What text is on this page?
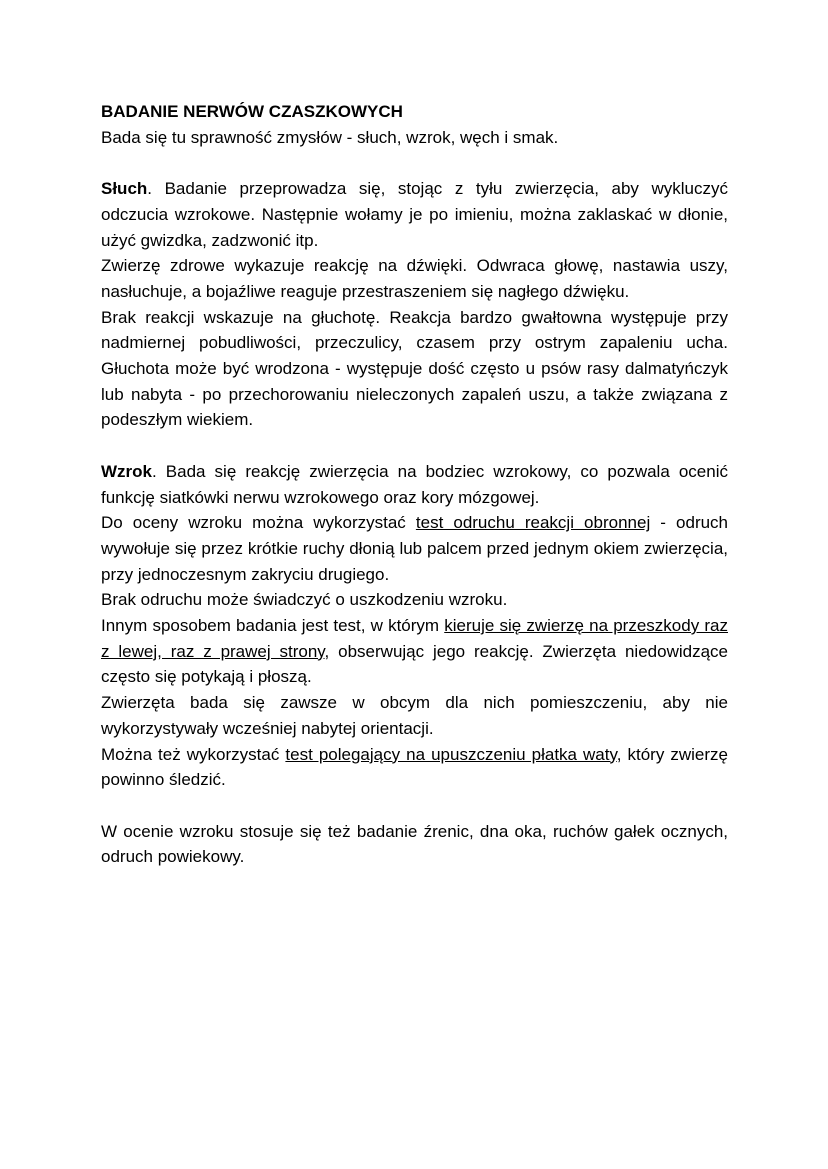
BADANIE NERWÓW CZASZKOWYCH

Bada się tu sprawność zmysłów - słuch, wzrok, węch i smak.

Słuch. Badanie przeprowadza się, stojąc z tyłu zwierzęcia, aby wykluczyć odczucia wzrokowe. Następnie wołamy je po imieniu, można zaklaskać w dłonie, użyć gwizdka, zadzwonić itp.

Zwierzę zdrowe wykazuje reakcję na dźwięki. Odwraca głowę, nastawia uszy, nasłuchuje, a bojaźliwe reaguje przestraszeniem się nagłego dźwięku.

Brak reakcji wskazuje na głuchotę. Reakcja bardzo gwałtowna występuje przy nadmiernej pobudliwości, przeczulicy, czasem przy ostrym zapaleniu ucha. Głuchota może być wrodzona - występuje dość często u psów rasy dalmatyńczyk lub nabyta - po przechorowaniu nieleczonych zapaleń uszu, a także związana z podeszłym wiekiem.

Wzrok. Bada się reakcję zwierzęcia na bodziec wzrokowy, co pozwala ocenić funkcję siatkówki nerwu wzrokowego oraz kory mózgowej.

Do oceny wzroku można wykorzystać test odruchu reakcji obronnej - odruch wywołuje się przez krótkie ruchy dłonią lub palcem przed jednym okiem zwierzęcia, przy jednoczesnym zakryciu drugiego.

Brak odruchu może świadczyć o uszkodzeniu wzroku.

Innym sposobem badania jest test, w którym kieruje się zwierzę na przeszkody raz z lewej, raz z prawej strony, obserwując jego reakcję. Zwierzęta niedowidzące często się potykają i płoszą.

Zwierzęta bada się zawsze w obcym dla nich pomieszczeniu, aby nie wykorzystywały wcześniej nabytej orientacji.

Można też wykorzystać test polegający na upuszczeniu płatka waty, który zwierzę powinno śledzić.

W ocenie wzroku stosuje się też badanie źrenic, dna oka, ruchów gałek ocznych, odruch powiekowy.
